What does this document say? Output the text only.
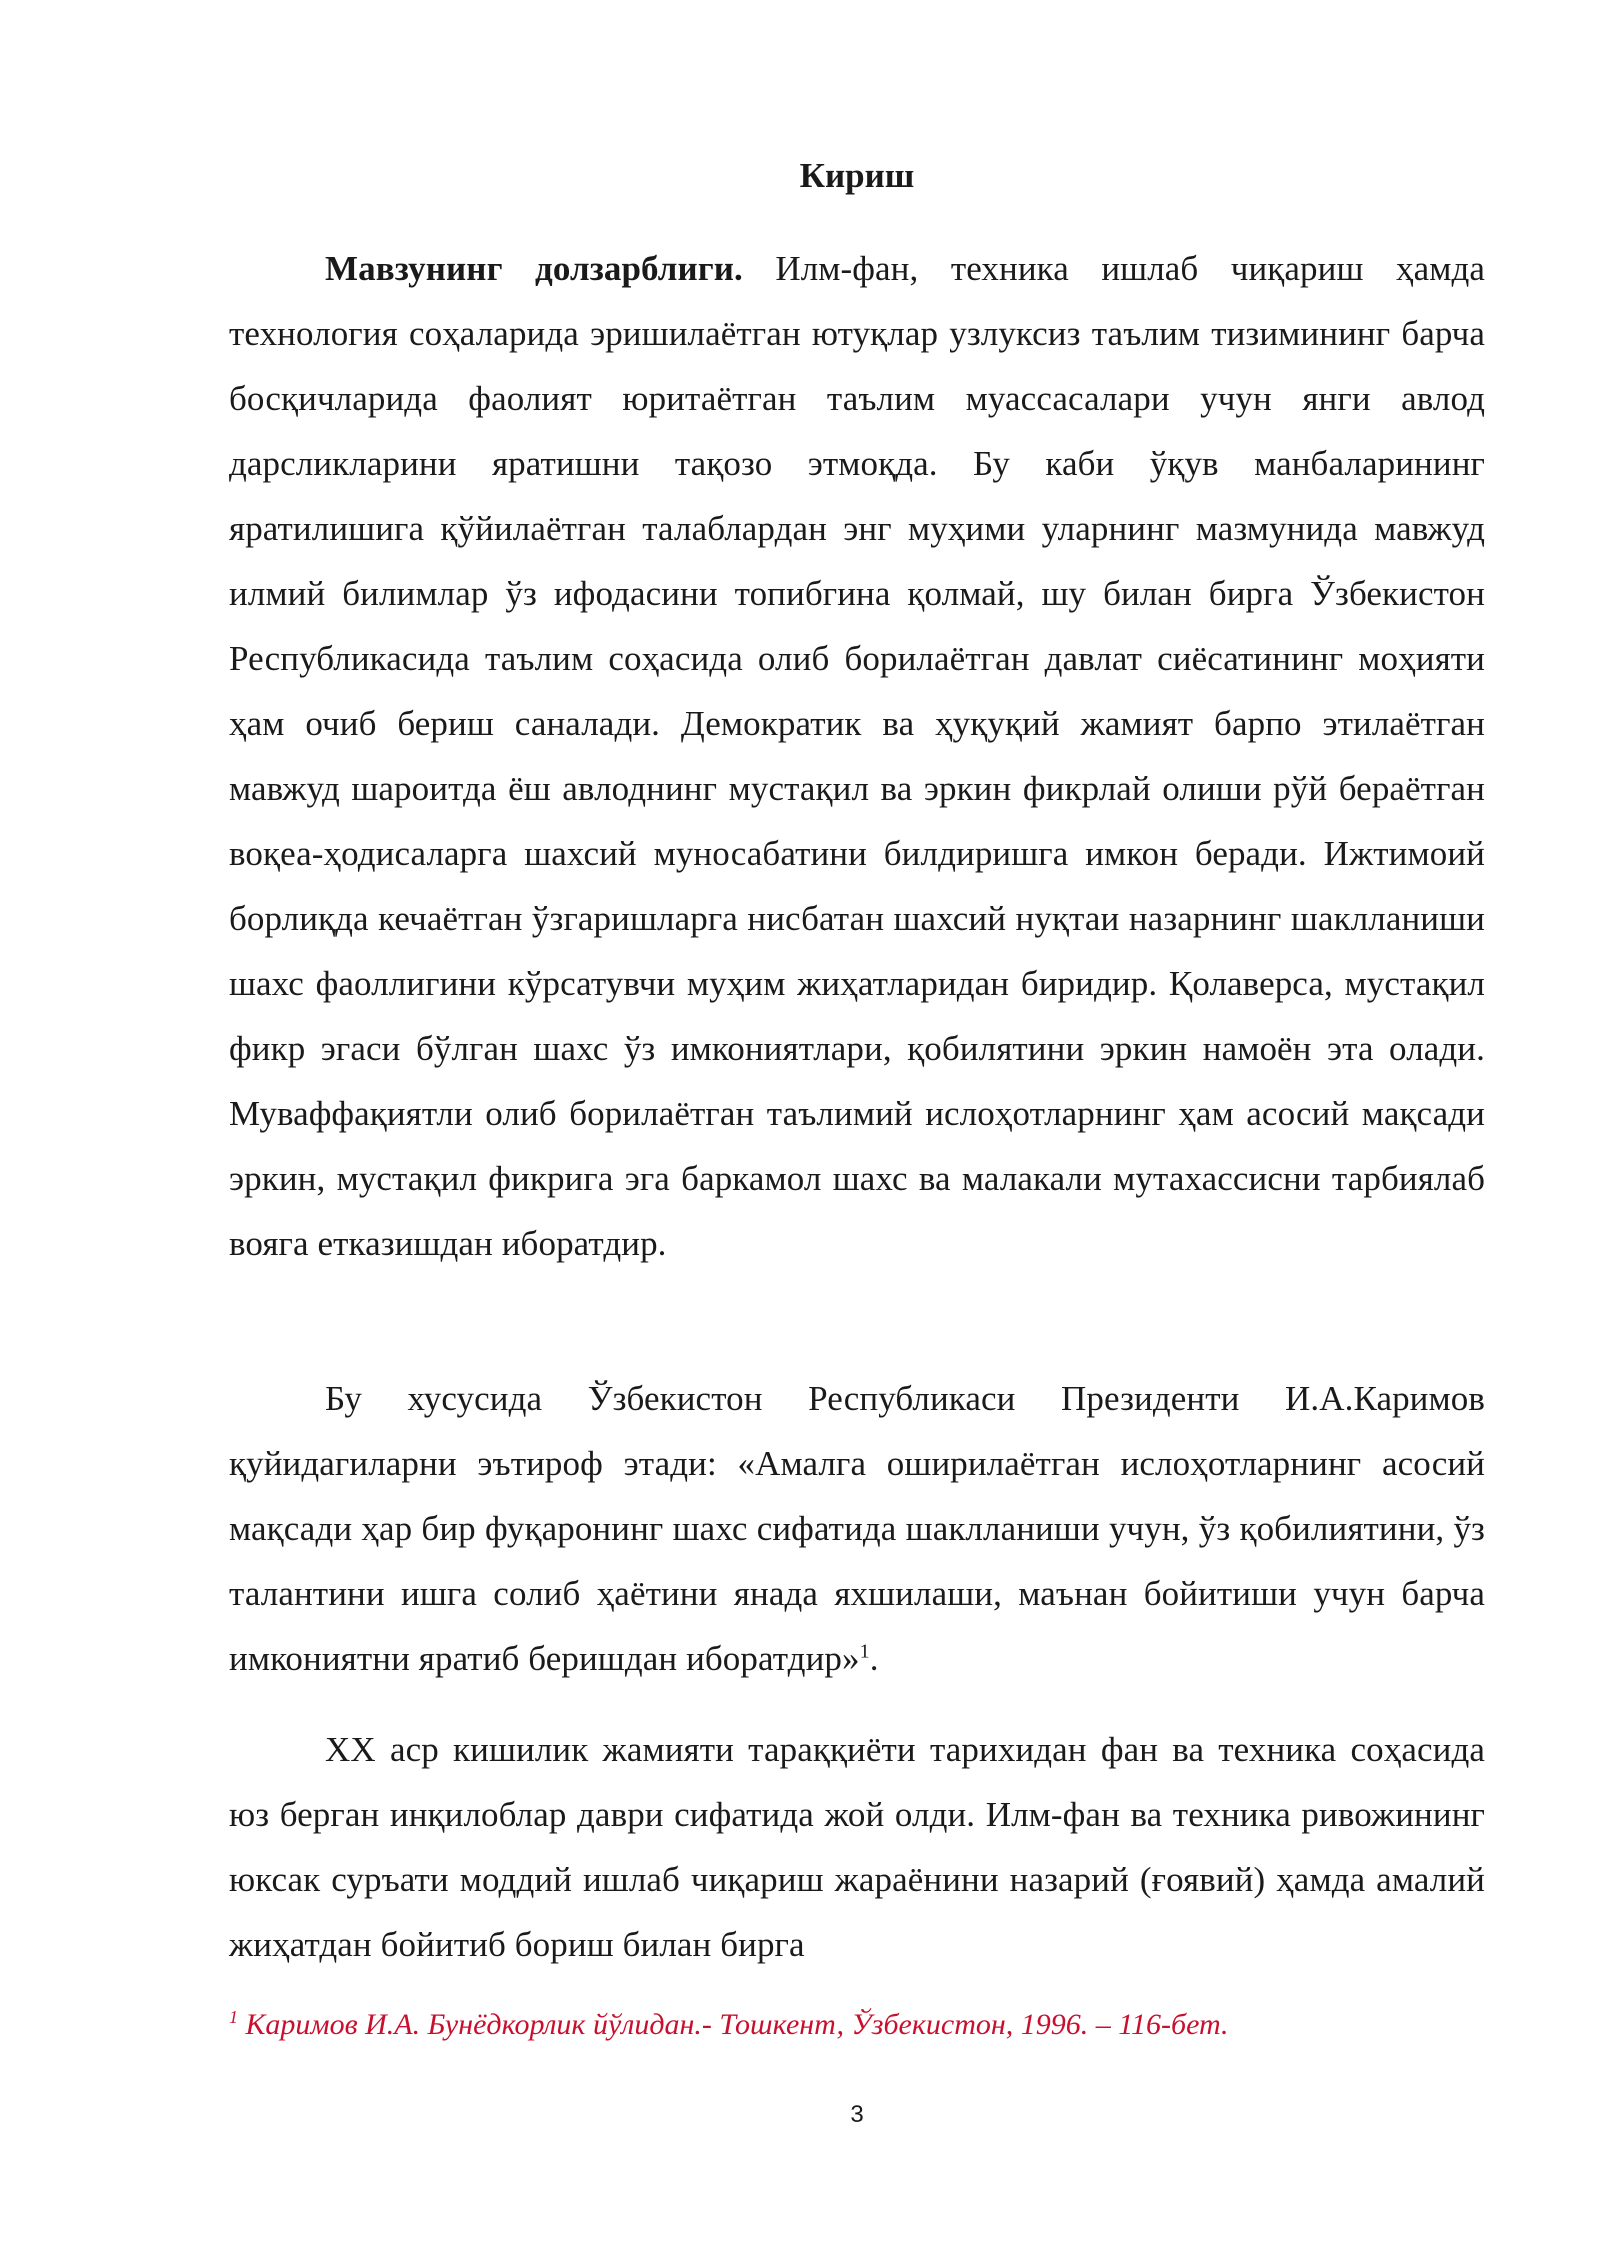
Кириш

Мавзунинг долзарблиги. Илм-фан, техника ишлаб чиқариш ҳамда технология соҳаларида эришилаётган ютуқлар узлуксиз таълим тизимининг барча босқичларида фаолият юритаётган таълим муассасалари учун янги авлод дарсликларини яратишни тақозо этмоқда. Бу каби ўқув манбаларининг яратилишига қўйилаётган талаблардан энг муҳими уларнинг мазмунида мавжуд илмий билимлар ўз ифодасини топибгина қолмай, шу билан бирга Ўзбекистон Республикасида таълим соҳасида олиб борилаётган давлат сиёсатининг моҳияти ҳам очиб бериш саналади. Демократик ва ҳуқуқий жамият барпо этилаётган мавжуд шароитда ёш авлоднинг мустақил ва эркин фикрлай олиши рўй бераётган воқеа-ҳодисаларга шахсий муносабатини билдиришга имкон беради. Ижтимоий борлиқда кечаётган ўзгаришларга нисбатан шахсий нуқтаи назарнинг шаклланиши шахс фаоллигини кўрсатувчи муҳим жиҳатларидан биридир. Қолаверса, мустақил фикр эгаси бўлган шахс ўз имкониятлари, қобилятини эркин намоён эта олади. Муваффақиятли олиб борилаётган таълимий ислоҳотларнинг ҳам асосий мақсади эркин, мустақил фикрига эга баркамол шахс ва малакали мутахассисни тарбиялаб вояга етказишдан иборатдир.

Бу хусусида Ўзбекистон Республикаси Президенти И.А.Каримов қуйидагиларни эътироф этади: «Амалга оширилаётган ислоҳотларнинг асосий мақсади ҳар бир фуқаронинг шахс сифатида шаклланиши учун, ўз қобилиятини, ўз талантини ишга солиб ҳаётини янада яхшилаши, маънан бойитиши учун барча имкониятни яратиб беришдан иборатдир»$^1$.

XX аср кишилик жамияти тараққиёти тарихидан фан ва техника соҳасида юз берган инқилоблар даври сифатида жой олди. Илм-фан ва техника ривожининг юксак суръати моддий ишлаб чиқариш жараёнини назарий (ғоявий) ҳамда амалий жиҳатдан бойитиб бориш билан бирга

$^1$ Каримов И.А. Бунёдкорлик йўлидан.- Тошкент, Ўзбекистон, 1996. – 116-бет.
3
